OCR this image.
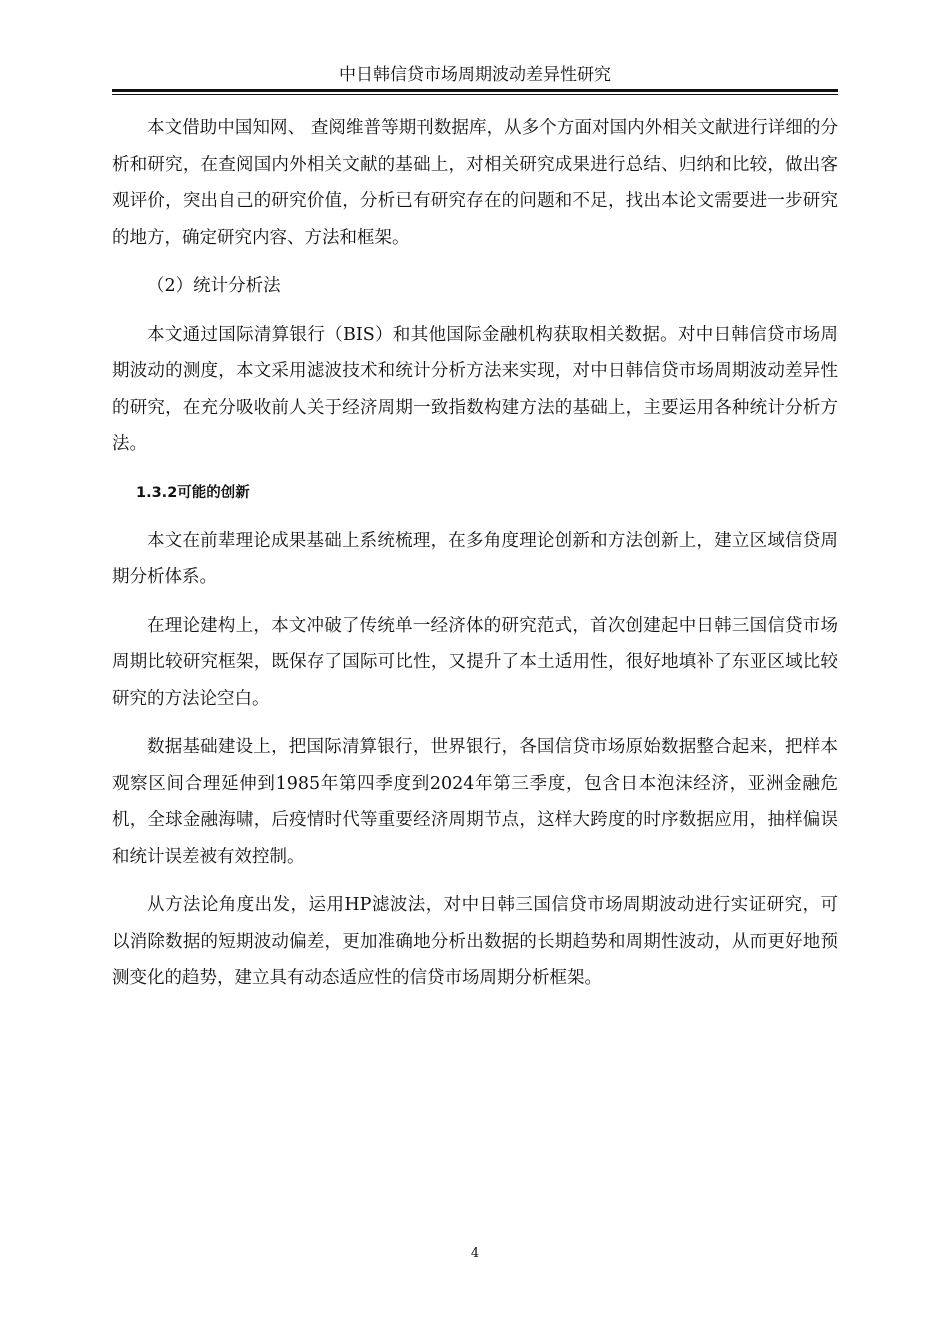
中日韩信贷市场周期波动差异性研究

本文借助中国知网、 查阅维普等期刊数据库，从多个方面对国内外相关文献进行详细的分析和研究，在查阅国内外相关文献的基础上，对相关研究成果进行总结、归纳和比较，做出客观评价，突出自己的研究价值，分析已有研究存在的问题和不足，找出本论文需要进一步研究的地方，确定研究内容、方法和框架。

（2）统计分析法

本文通过国际清算银行（BIS）和其他国际金融机构获取相关数据。对中日韩信贷市场周期波动的测度，本文采用滤波技术和统计分析方法来实现，对中日韩信贷市场周期波动差异性的研究，在充分吸收前人关于经济周期一致指数构建方法的基础上，主要运用各种统计分析方法。

1.3.2可能的创新

本文在前辈理论成果基础上系统梳理，在多角度理论创新和方法创新上，建立区域信贷周期分析体系。

在理论建构上，本文冲破了传统单一经济体的研究范式，首次创建起中日韩三国信贷市场周期比较研究框架，既保存了国际可比性，又提升了本土适用性，很好地填补了东亚区域比较研究的方法论空白。

数据基础建设上，把国际清算银行，世界银行，各国信贷市场原始数据整合起来，把样本观察区间合理延伸到1985年第四季度到2024年第三季度，包含日本泡沫经济，亚洲金融危机，全球金融海啸，后疫情时代等重要经济周期节点，这样大跨度的时序数据应用，抽样偏误和统计误差被有效控制。

从方法论角度出发，运用HP滤波法，对中日韩三国信贷市场周期波动进行实证研究，可以消除数据的短期波动偏差，更加准确地分析出数据的长期趋势和周期性波动，从而更好地预测变化的趋势，建立具有动态适应性的信贷市场周期分析框架。

4
